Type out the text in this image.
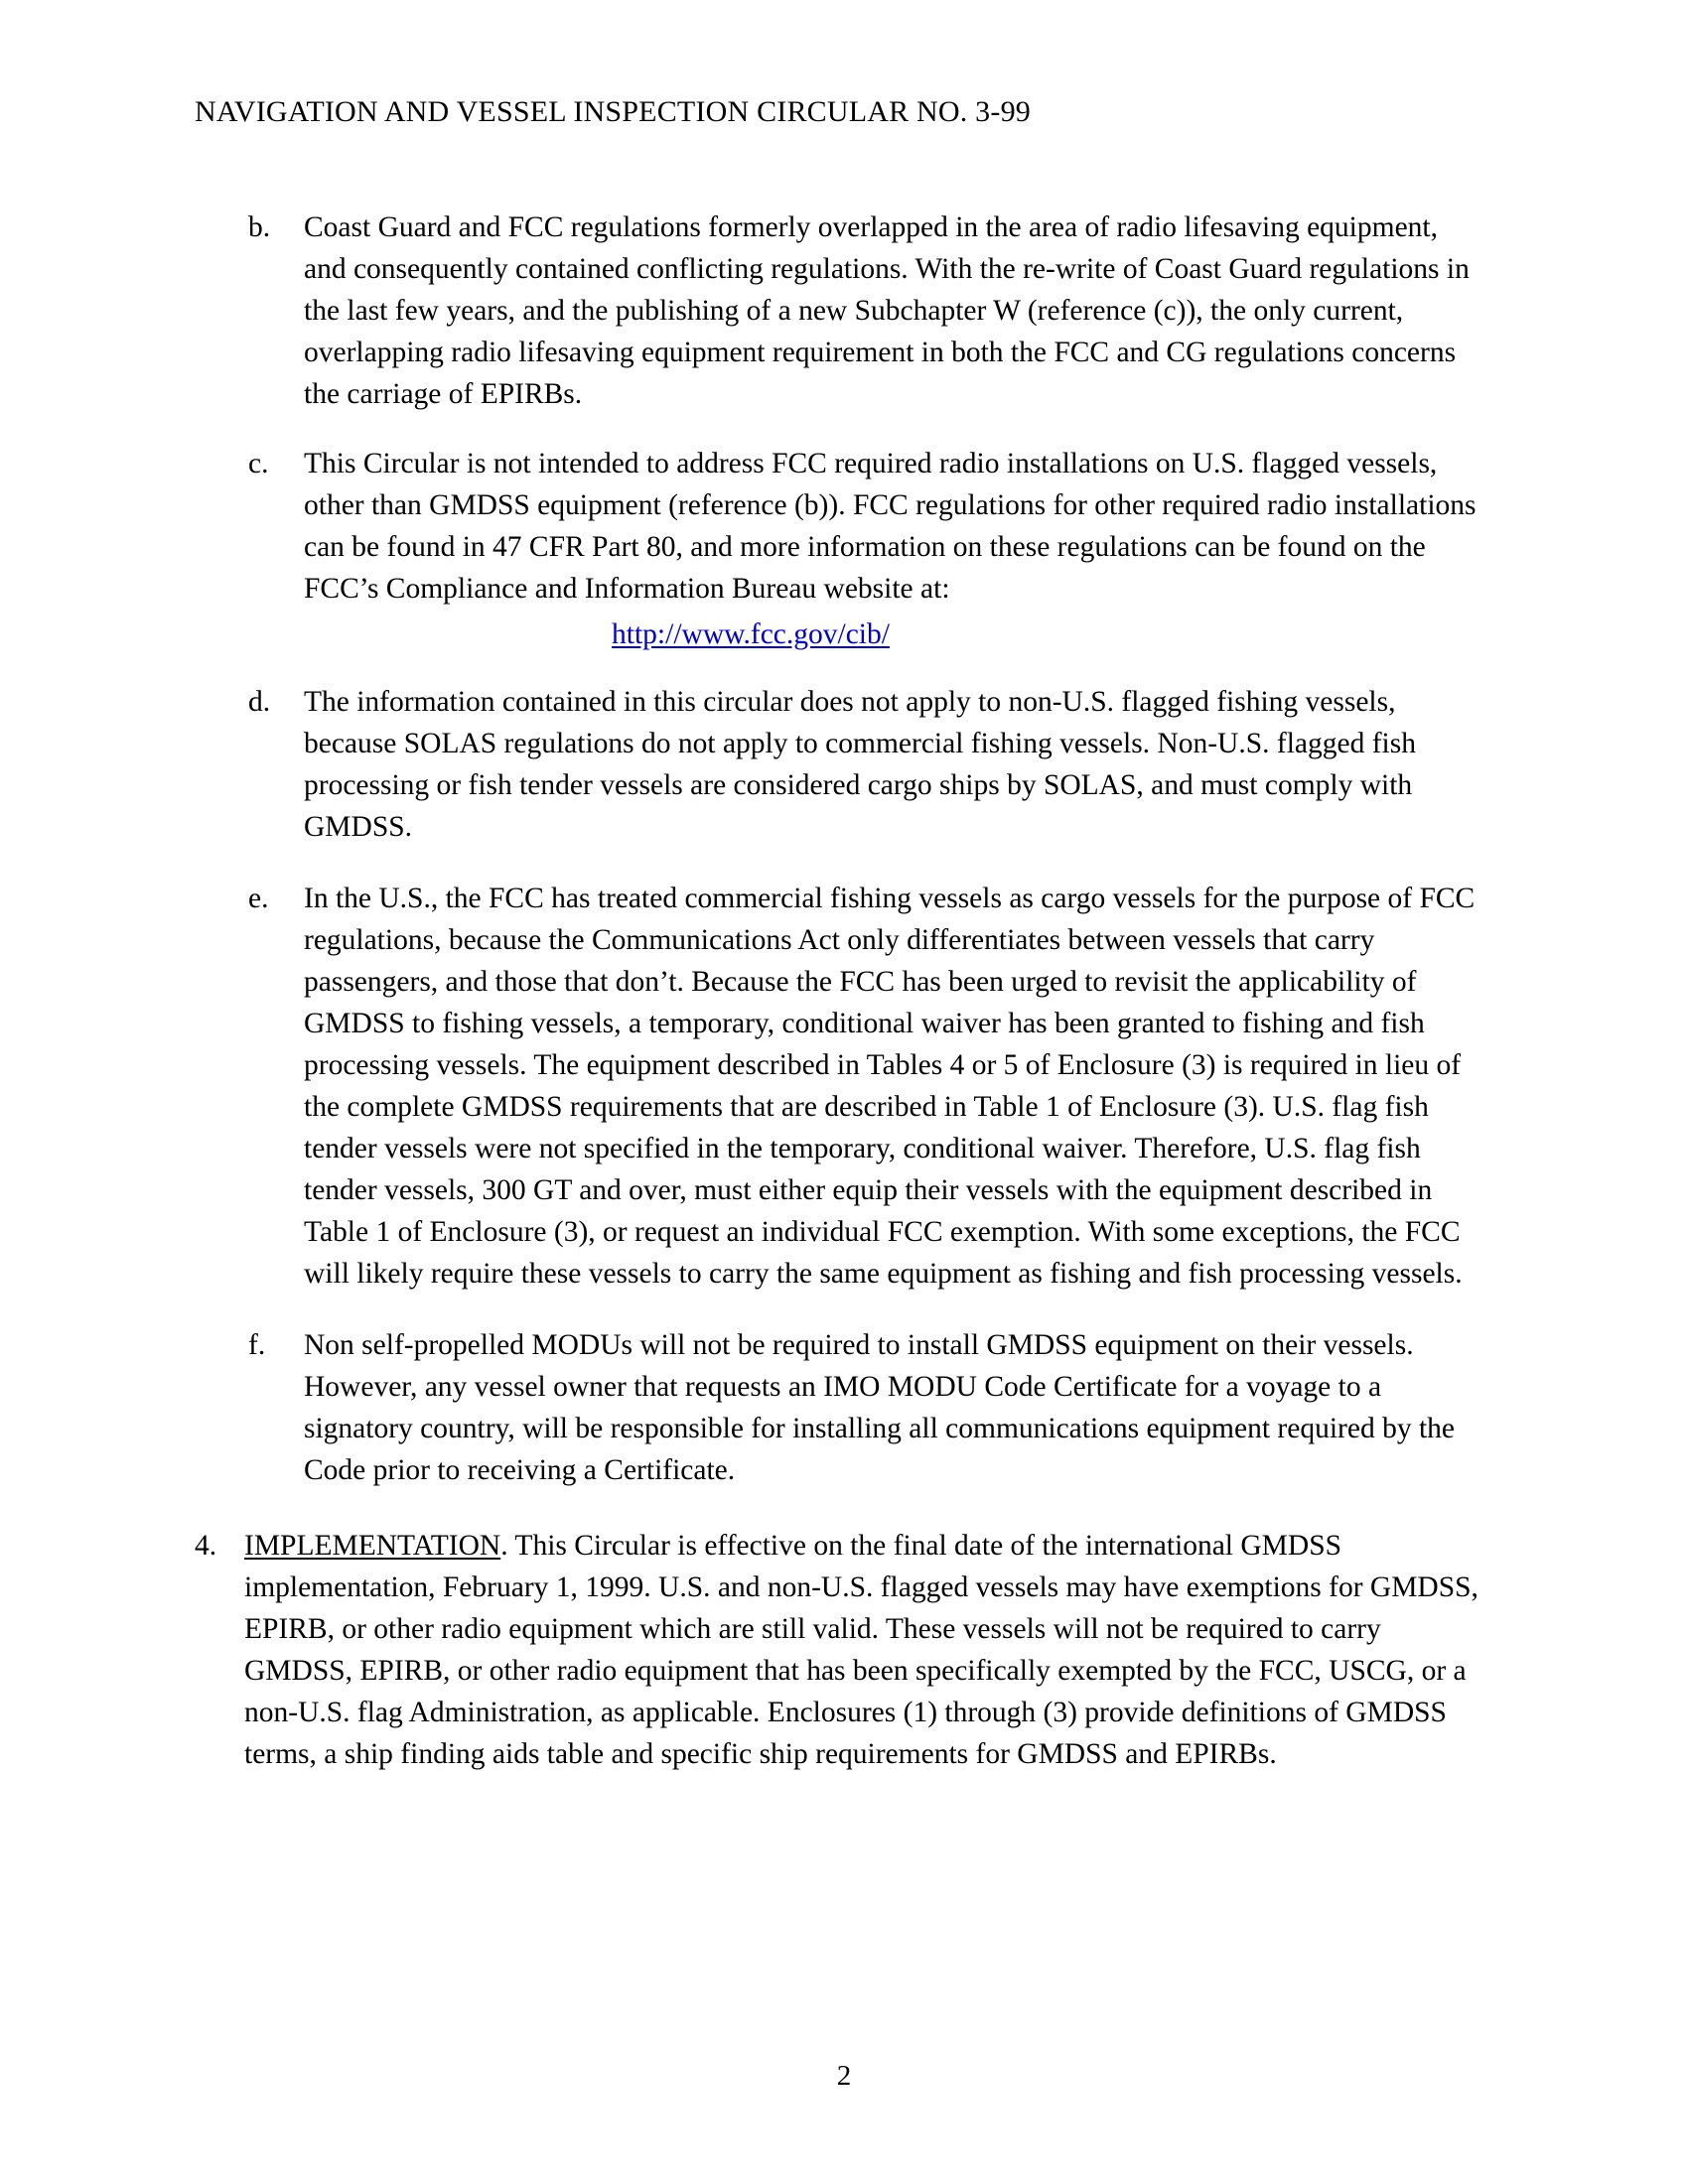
NAVIGATION AND VESSEL INSPECTION CIRCULAR NO. 3-99
b.	Coast Guard and FCC regulations formerly overlapped in the area of radio lifesaving equipment, and consequently contained conflicting regulations. With the re-write of Coast Guard regulations in the last few years, and the publishing of a new Subchapter W (reference (c)), the only current, overlapping radio lifesaving equipment requirement in both the FCC and CG regulations concerns the carriage of EPIRBs.
c.	This Circular is not intended to address FCC required radio installations on U.S. flagged vessels, other than GMDSS equipment (reference (b)). FCC regulations for other required radio installations can be found in 47 CFR Part 80, and more information on these regulations can be found on the FCC’s Compliance and Information Bureau website at:
http://www.fcc.gov/cib/
d.	The information contained in this circular does not apply to non-U.S. flagged fishing vessels, because SOLAS regulations do not apply to commercial fishing vessels. Non-U.S. flagged fish processing or fish tender vessels are considered cargo ships by SOLAS, and must comply with GMDSS.
e.	In the U.S., the FCC has treated commercial fishing vessels as cargo vessels for the purpose of FCC regulations, because the Communications Act only differentiates between vessels that carry passengers, and those that don’t. Because the FCC has been urged to revisit the applicability of GMDSS to fishing vessels, a temporary, conditional waiver has been granted to fishing and fish processing vessels. The equipment described in Tables 4 or 5 of Enclosure (3) is required in lieu of the complete GMDSS requirements that are described in Table 1 of Enclosure (3). U.S. flag fish tender vessels were not specified in the temporary, conditional waiver. Therefore, U.S. flag fish tender vessels, 300 GT and over, must either equip their vessels with the equipment described in Table 1 of Enclosure (3), or request an individual FCC exemption. With some exceptions, the FCC will likely require these vessels to carry the same equipment as fishing and fish processing vessels.
f.	Non self-propelled MODUs will not be required to install GMDSS equipment on their vessels. However, any vessel owner that requests an IMO MODU Code Certificate for a voyage to a signatory country, will be responsible for installing all communications equipment required by the Code prior to receiving a Certificate.
4. IMPLEMENTATION. This Circular is effective on the final date of the international GMDSS implementation, February 1, 1999. U.S. and non-U.S. flagged vessels may have exemptions for GMDSS, EPIRB, or other radio equipment which are still valid. These vessels will not be required to carry GMDSS, EPIRB, or other radio equipment that has been specifically exempted by the FCC, USCG, or a non-U.S. flag Administration, as applicable. Enclosures (1) through (3) provide definitions of GMDSS terms, a ship finding aids table and specific ship requirements for GMDSS and EPIRBs.
2
